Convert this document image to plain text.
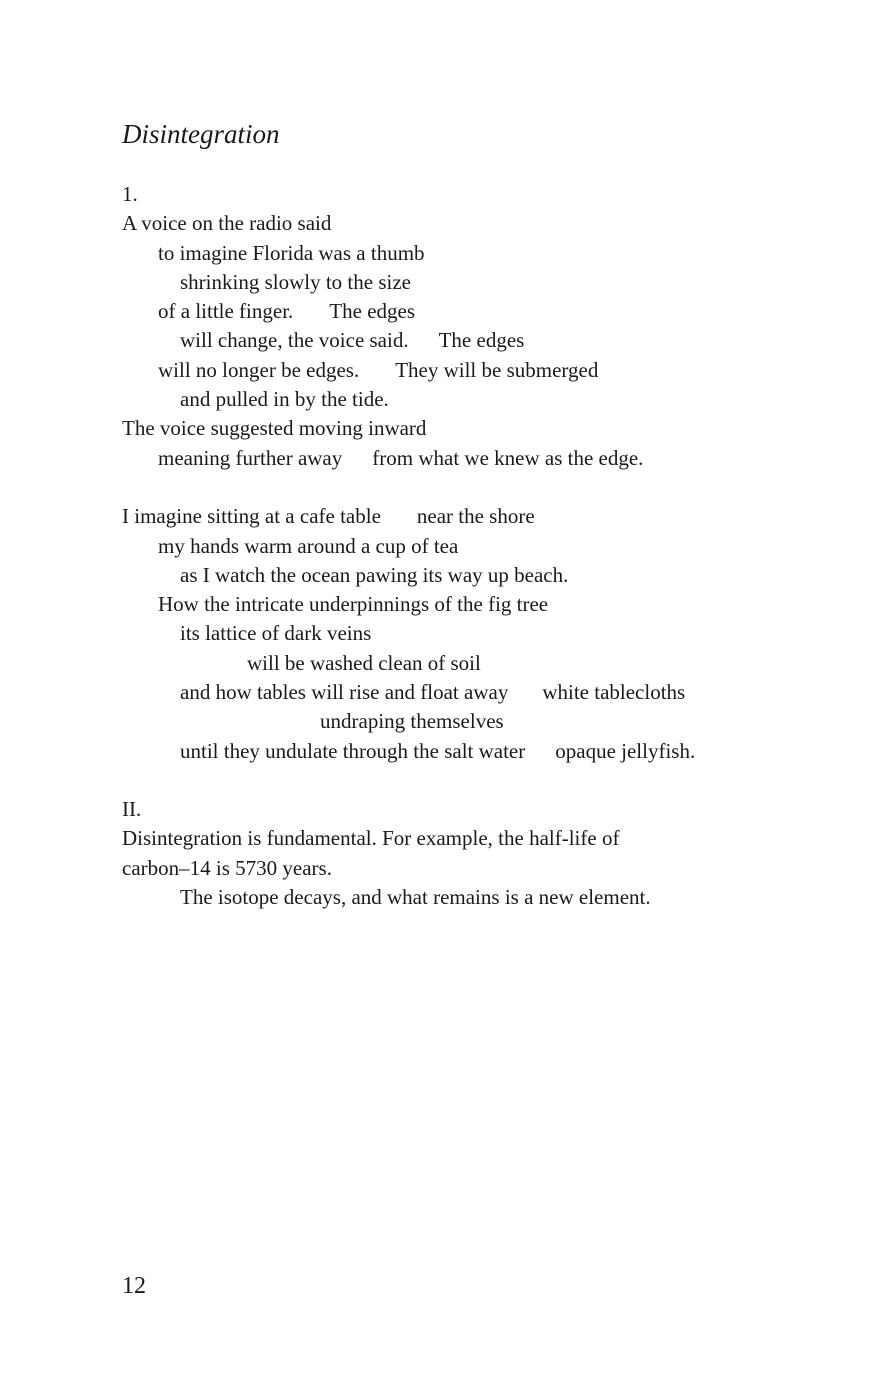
Disintegration
1.
A voice on the radio said
to imagine Florida was a thumb
shrinking slowly to the size
of a little finger. The edges
will change, the voice said. The edges
will no longer be edges. They will be submerged
and pulled in by the tide.
The voice suggested moving inward
meaning further away from what we knew as the edge.
I imagine sitting at a cafe table near the shore
my hands warm around a cup of tea
as I watch the ocean pawing its way up beach.
How the intricate underpinnings of the fig tree
its lattice of dark veins
will be washed clean of soil
and how tables will rise and float away white tablecloths
undraping themselves
until they undulate through the salt water opaque jellyfish.
II.
Disintegration is fundamental. For example, the half-life of
carbon–14 is 5730 years.
The isotope decays, and what remains is a new element.
12
